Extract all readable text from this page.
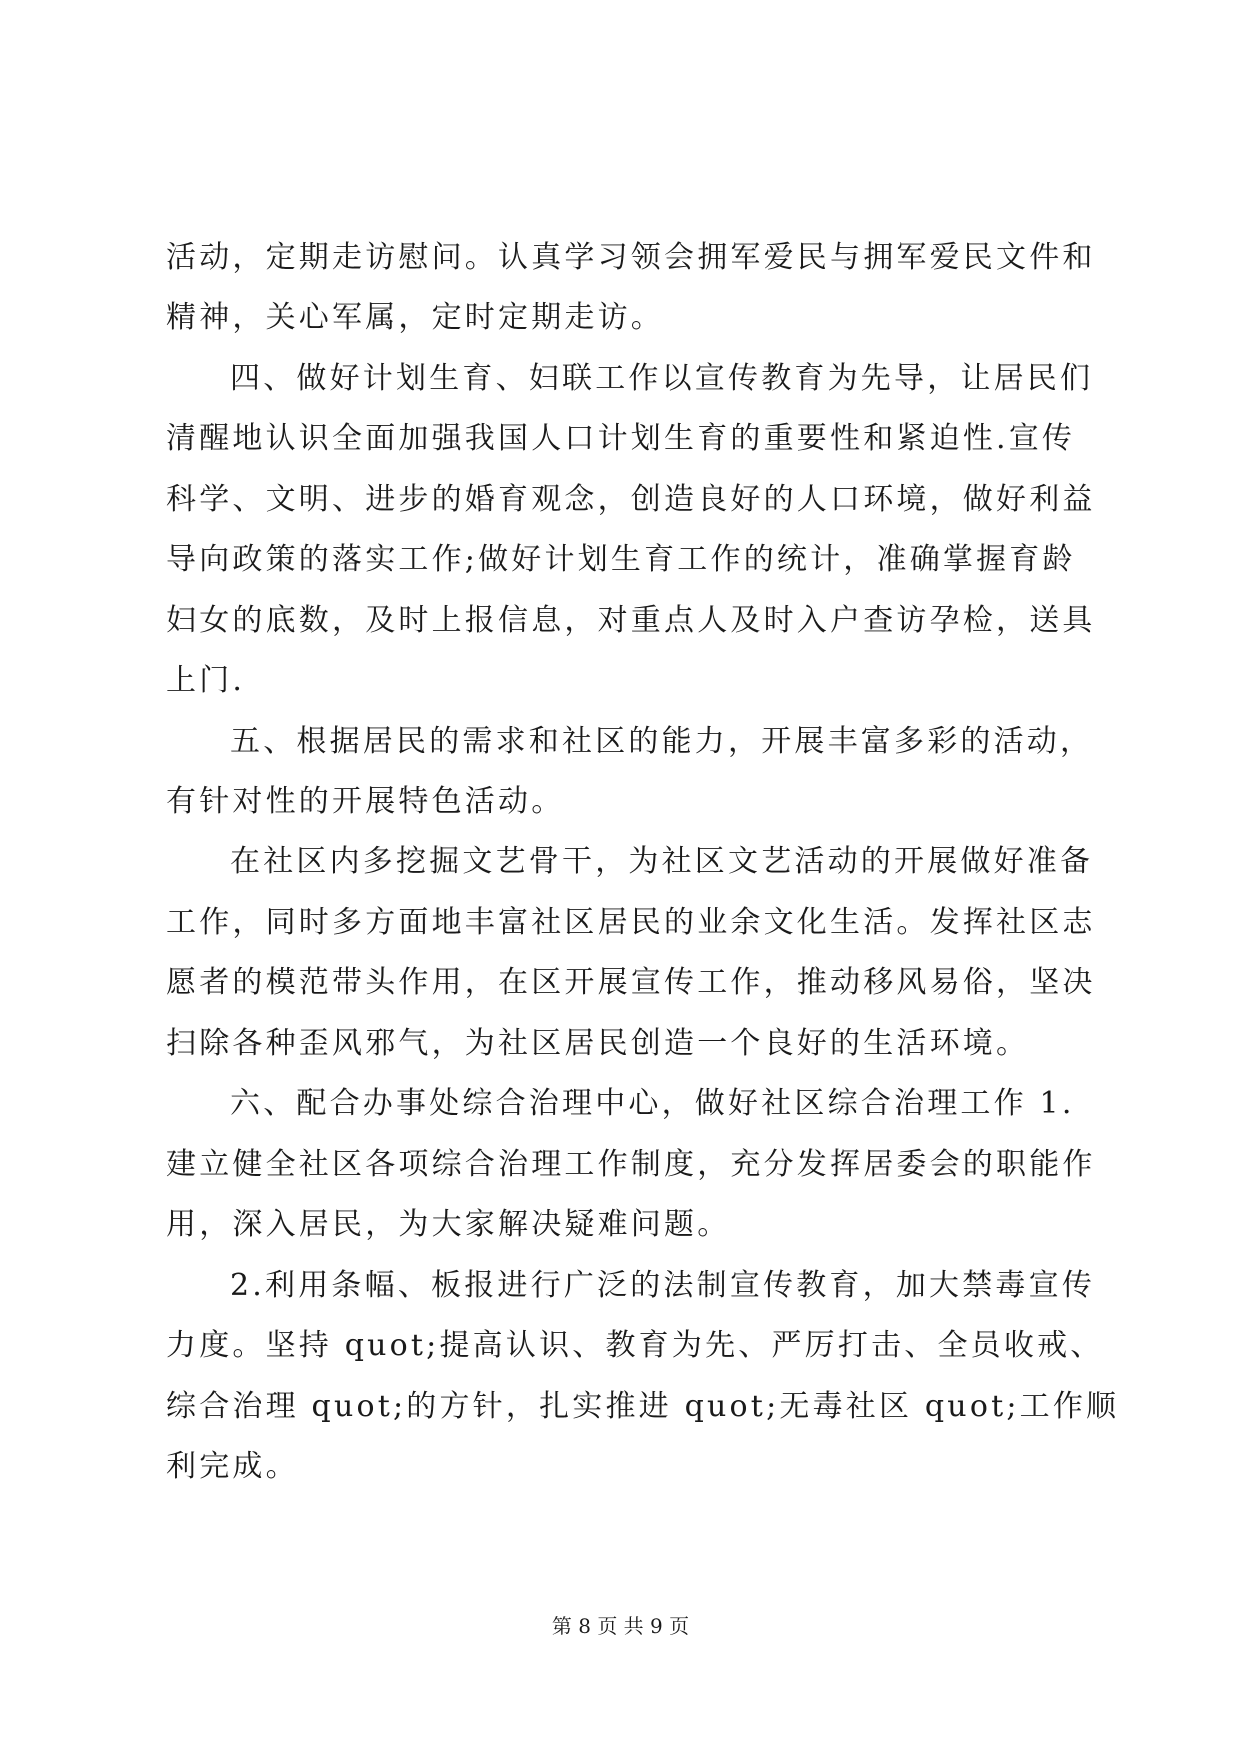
活动，定期走访慰问。认真学习领会拥军爱民与拥军爱民文件和
精神，关心军属，定时定期走访。
四、做好计划生育、妇联工作以宣传教育为先导，让居民们
清醒地认识全面加强我国人口计划生育的重要性和紧迫性.宣传
科学、文明、进步的婚育观念，创造良好的人口环境，做好利益
导向政策的落实工作;做好计划生育工作的统计，准确掌握育龄
妇女的底数，及时上报信息，对重点人及时入户查访孕检，送具
上门.
五、根据居民的需求和社区的能力，开展丰富多彩的活动，
有针对性的开展特色活动。
在社区内多挖掘文艺骨干，为社区文艺活动的开展做好准备
工作，同时多方面地丰富社区居民的业余文化生活。发挥社区志
愿者的模范带头作用，在区开展宣传工作，推动移风易俗，坚决
扫除各种歪风邪气，为社区居民创造一个良好的生活环境。
六、配合办事处综合治理中心，做好社区综合治理工作 1.
建立健全社区各项综合治理工作制度，充分发挥居委会的职能作
用，深入居民，为大家解决疑难问题。
2.利用条幅、板报进行广泛的法制宣传教育，加大禁毒宣传
力度。坚持 quot;提高认识、教育为先、严厉打击、全员收戒、
综合治理 quot;的方针，扎实推进 quot;无毒社区 quot;工作顺
利完成。
第 8 页 共 9 页
